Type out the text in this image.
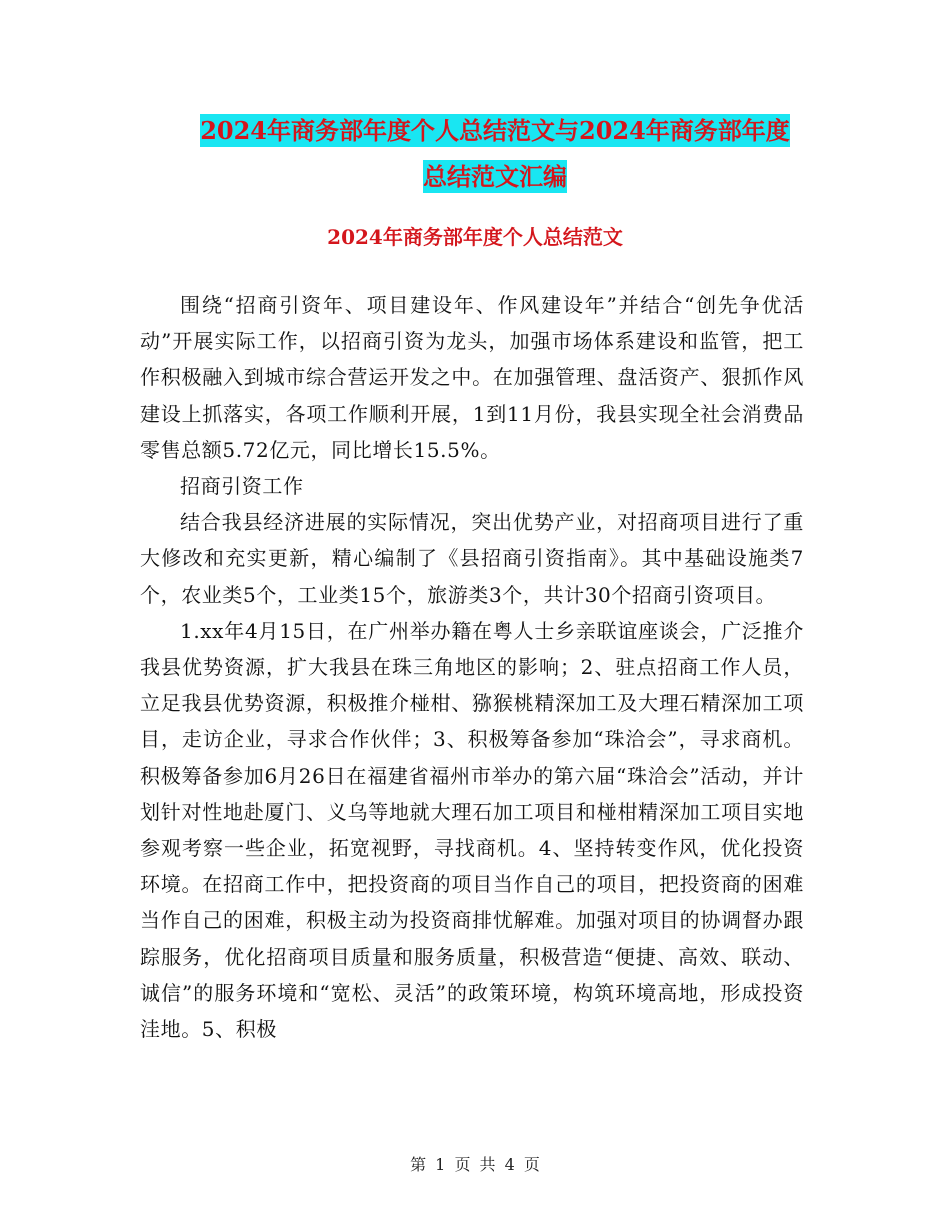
2024年商务部年度个人总结范文与2024年商务部年度
总结范文汇编
2024年商务部年度个人总结范文

围绕“招商引资年、项目建设年、作风建设年”并结合“创先争优活动”开展实际工作，以招商引资为龙头，加强市场体系建设和监管，把工作积极融入到城市综合营运开发之中。在加强管理、盘活资产、狠抓作风建设上抓落实，各项工作顺利开展，1到11月份，我县实现全社会消费品零售总额5.72亿元，同比增长15.5%。

招商引资工作

结合我县经济进展的实际情况，突出优势产业，对招商项目进行了重大修改和充实更新，精心编制了《县招商引资指南》。其中基础设施类7个，农业类5个，工业类15个，旅游类3个，共计30个招商引资项目。

1.xx年4月15日，在广州举办籍在粤人士乡亲联谊座谈会，广泛推介我县优势资源，扩大我县在珠三角地区的影响；2、驻点招商工作人员，立足我县优势资源，积极推介椪柑、猕猴桃精深加工及大理石精深加工项目，走访企业，寻求合作伙伴；3、积极筹备参加“珠洽会”，寻求商机。积极筹备参加6月26日在福建省福州市举办的第六届“珠洽会”活动，并计划针对性地赴厦门、义乌等地就大理石加工项目和椪柑精深加工项目实地参观考察一些企业，拓宽视野，寻找商机。4、坚持转变作风，优化投资环境。在招商工作中，把投资商的项目当作自己的项目，把投资商的困难当作自己的困难，积极主动为投资商排忧解难。加强对项目的协调督办跟踪服务，优化招商项目质量和服务质量，积极营造“便捷、高效、联动、诚信”的服务环境和“宽松、灵活”的政策环境，构筑环境高地，形成投资洼地。5、积极

第 1 页 共 4 页
